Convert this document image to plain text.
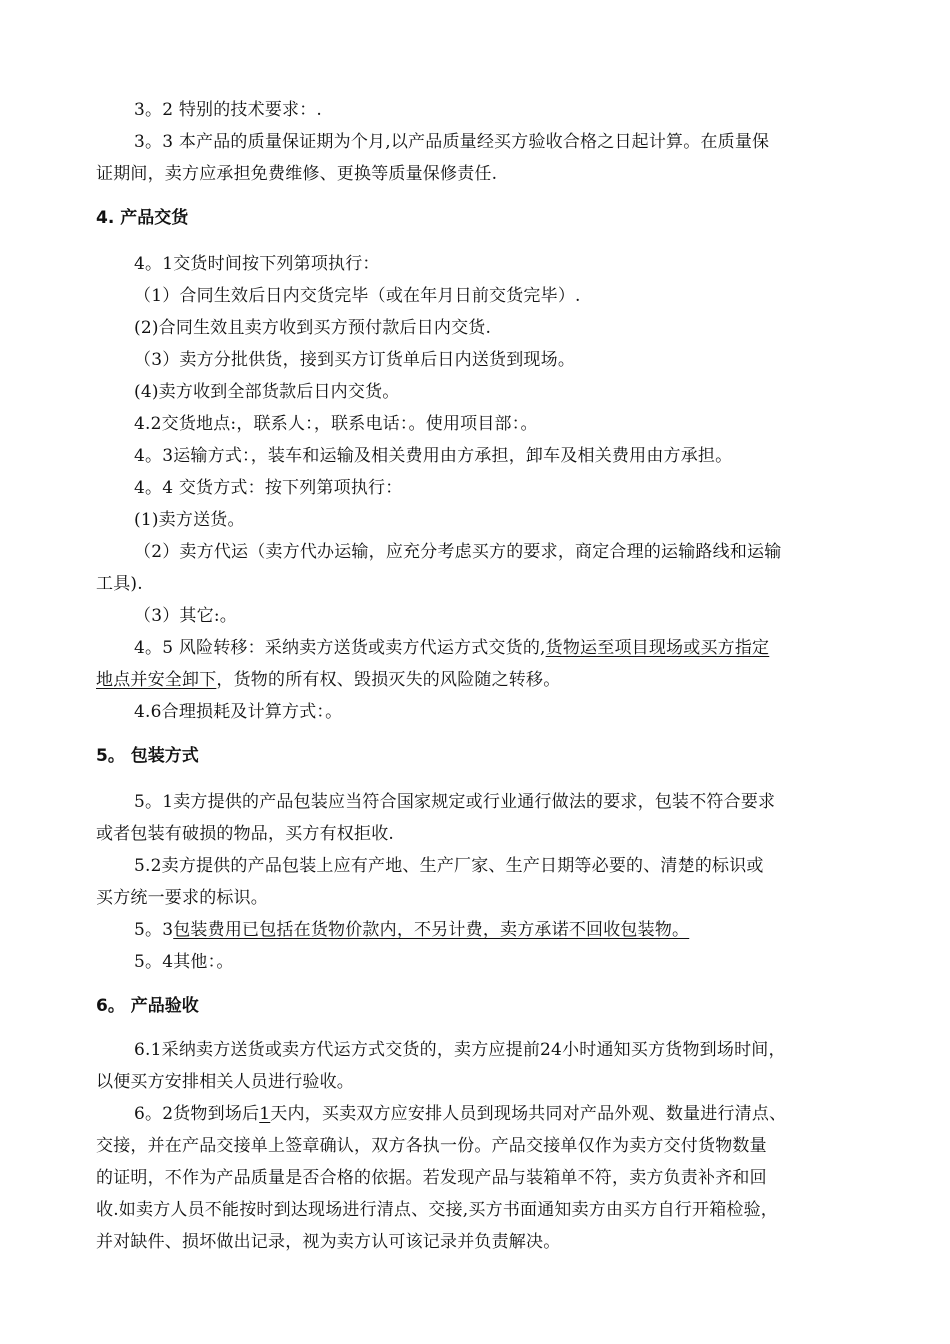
3。2 特别的技术要求：.
3。3 本产品的质量保证期为个月,以产品质量经买方验收合格之日起计算。在质量保
证期间，卖方应承担免费维修、更换等质量保修责任.
4. 产品交货
4。1交货时间按下列第项执行：
（1）合同生效后日内交货完毕（或在年月日前交货完毕）.
(2)合同生效且卖方收到买方预付款后日内交货.
（3）卖方分批供货，接到买方订货单后日内送货到现场。
(4)卖方收到全部货款后日内交货。
4.2交货地点:，联系人：，联系电话：。使用项目部：。
4。3运输方式：，装车和运输及相关费用由方承担，卸车及相关费用由方承担。
4。4 交货方式：按下列第项执行：
(1)卖方送货。
（2）卖方代运（卖方代办运输，应充分考虑买方的要求，商定合理的运输路线和运输
工具).
（3）其它:。
4。5 风险转移：采纳卖方送货或卖方代运方式交货的,货物运至项目现场或买方指定
地点并安全卸下，货物的所有权、毁损灭失的风险随之转移。
4.6合理损耗及计算方式：。
5。 包装方式
5。1卖方提供的产品包装应当符合国家规定或行业通行做法的要求，包装不符合要求
或者包装有破损的物品，买方有权拒收.
5.2卖方提供的产品包装上应有产地、生产厂家、生产日期等必要的、清楚的标识或
买方统一要求的标识。
5。3包装费用已包括在货物价款内，不另计费，卖方承诺不回收包装物。
5。4其他：。
6。 产品验收
6.1采纳卖方送货或卖方代运方式交货的，卖方应提前24小时通知买方货物到场时间，
以便买方安排相关人员进行验收。
6。2货物到场后1天内，买卖双方应安排人员到现场共同对产品外观、数量进行清点、
交接，并在产品交接单上签章确认，双方各执一份。产品交接单仅作为卖方交付货物数量
的证明，不作为产品质量是否合格的依据。若发现产品与装箱单不符，卖方负责补齐和回
收.如卖方人员不能按时到达现场进行清点、交接,买方书面通知卖方由买方自行开箱检验，
并对缺件、损坏做出记录，视为卖方认可该记录并负责解决。
